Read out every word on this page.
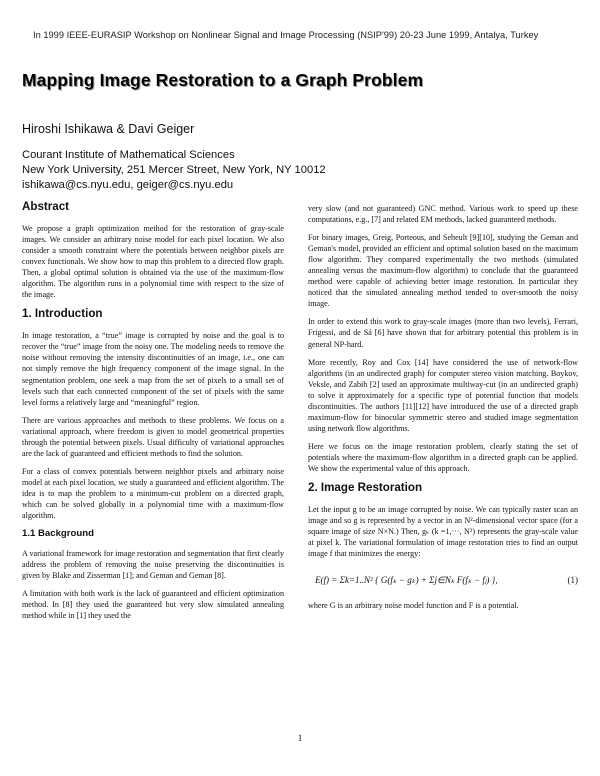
In 1999 IEEE-EURASIP Workshop on Nonlinear Signal and Image Processing (NSIP'99) 20-23 June 1999, Antalya, Turkey
Mapping Image Restoration to a Graph Problem
Hiroshi Ishikawa & Davi Geiger
Courant Institute of Mathematical Sciences
New York University, 251 Mercer Street, New York, NY 10012
ishikawa@cs.nyu.edu, geiger@cs.nyu.edu
Abstract

We propose a graph optimization method for the restoration of gray-scale images. We consider an arbitrary noise model for each pixel location. We also consider a smooth constraint where the potentials between neighbor pixels are convex functionals. We show how to map this problem to a directed flow graph. Then, a global optimal solution is obtained via the use of the maximum-flow algorithm. The algorithm runs in a polynomial time with respect to the size of the image.

1. Introduction

In image restoration, a “true” image is corrupted by noise and the goal is to recover the “true” image from the noisy one. The modeling needs to remove the noise without removing the intensity discontinuities of an image, i.e., one can not simply remove the high frequency component of the image signal. In the segmentation problem, one seek a map from the set of pixels to a small set of levels such that each connected component of the set of pixels with the same level forms a relatively large and “meaningful” region.

There are various approaches and methods to these problems. We focus on a variational approach, where freedom is given to model geometrical properties through the potential between pixels. Usual difficulty of variational approaches are the lack of guaranteed and efficient methods to find the solution.

For a class of convex potentials between neighbor pixels and arbitrary noise model at each pixel location, we study a guaranteed and efficient algorithm. The idea is to map the problem to a minimum-cut problem on a directed graph, which can be solved globally in a polynomial time with a maximum-flow algorithm.

1.1 Background

A variational framework for image restoration and segmentation that first clearly address the problem of removing the noise preserving the discontinuities is given by Blake and Zisserman [1]; and Geman and Geman [8].

A limitation with both work is the lack of guaranteed and efficient optimization method. In [8] they used the guaranteed but very slow simulated annealing method while in [1] they used the

very slow (and not guaranteed) GNC method. Various work to speed up these computations, e.g., [7] and related EM methods, lacked guaranteed methods.

For binary images, Greig, Porteous, and Seheult [9][10], studying the Geman and Geman's model, provided an efficient and optimal solution based on the maximum flow algorithm. They compared experimentally the two methods (simulated annealing versus the maximum-flow algorithm) to conclude that the guaranteed method were capable of achieving better image restoration. In particular they noticed that the simulated annealing method tended to over-smooth the noisy image.

In order to extend this work to gray-scale images (more than two levels), Ferrari, Frigessi, and de Sá [6] have shown that for arbitrary potential this problem is in general NP-hard.

More recently, Roy and Cox [14] have considered the use of network-flow algorithms (in an undirected graph) for computer stereo vision matching. Boykov, Veksle, and Zabih [2] used an approximate multiway-cut (in an undirected graph) to solve it approximately for a specific type of potential function that models discontinuities. The authors [11][12] have introduced the use of a directed graph maximum-flow for binocular symmetric stereo and studied image segmentation using network flow algorithms.

Here we focus on the image restoration problem, clearly stating the set of potentials where the maximum-flow algorithm in a directed graph can be applied. We show the experimental value of this approach.

2. Image Restoration

Let the input g to be an image corrupted by noise. We can typically raster scan an image and so g is represented by a vector in an N²-dimensional vector space (for a square image of size N×N.) Then, gₖ (k =1,···, N²) represents the gray-scale value at pixel k. The variational formulation of image restoration tries to find an output image f that minimizes the energy:

E(f) = Σk=1..N² { G(fₖ − gₖ) + Σj∈Nₖ F(fₖ − fⱼ) },	(1)

where G is an arbitrary noise model function and F is a potential.

1
